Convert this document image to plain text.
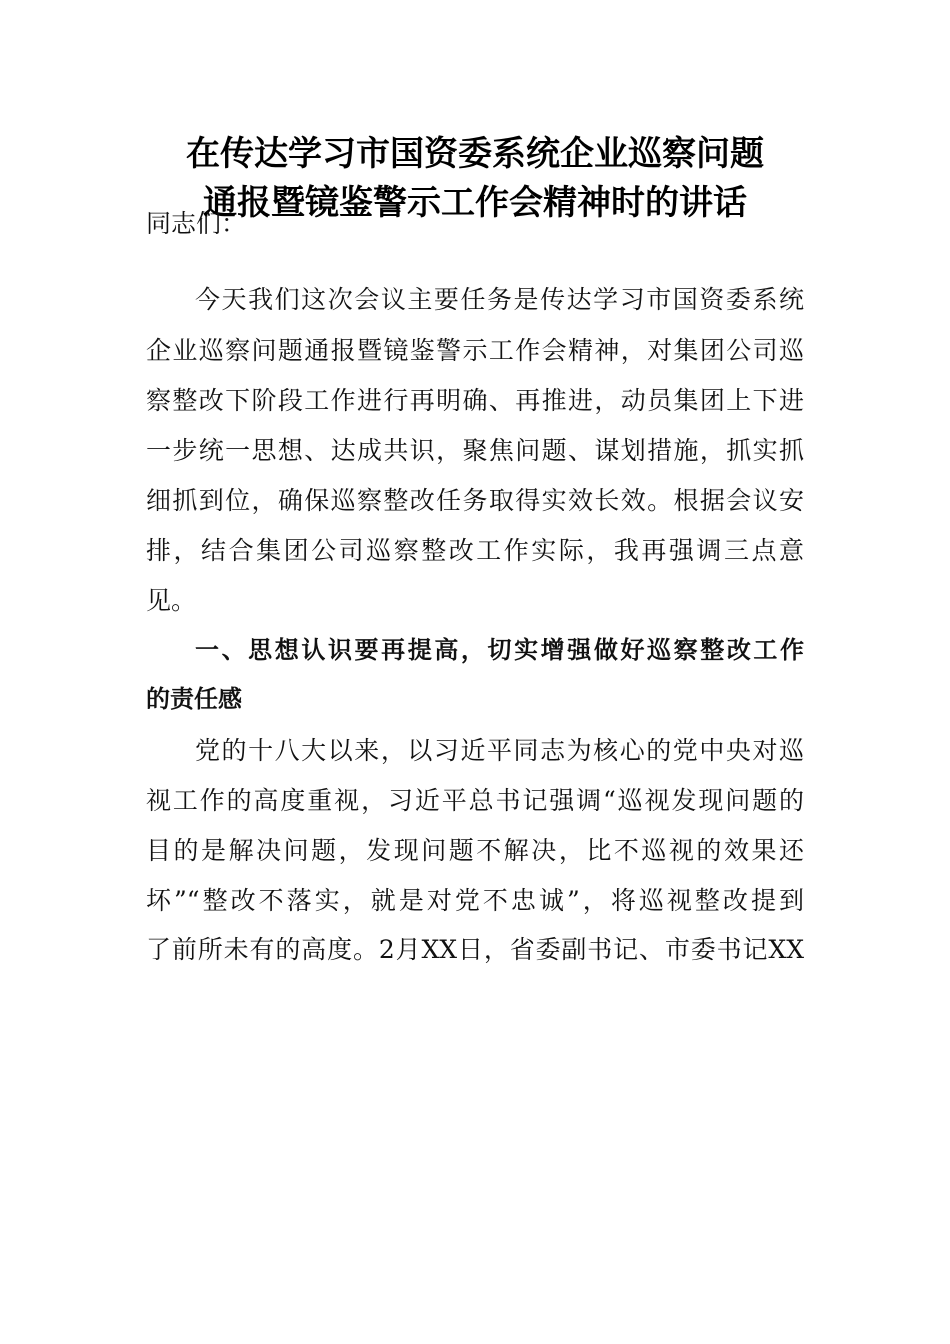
在传达学习市国资委系统企业巡察问题
通报暨镜鉴警示工作会精神时的讲话
同志们：
今天我们这次会议主要任务是传达学习市国资委系统
企业巡察问题通报暨镜鉴警示工作会精神，对集团公司巡
察整改下阶段工作进行再明确、再推进，动员集团上下进
一步统一思想、达成共识，聚焦问题、谋划措施，抓实抓
细抓到位，确保巡察整改任务取得实效长效。根据会议安
排，结合集团公司巡察整改工作实际，我再强调三点意
见。
一、思想认识要再提高，切实增强做好巡察整改工作
的责任感
党的十八大以来，以习近平同志为核心的党中央对巡
视工作的高度重视，习近平总书记强调“巡视发现问题的
目的是解决问题，发现问题不解决，比不巡视的效果还
坏”“整改不落实，就是对党不忠诚”，将巡视整改提到
了前所未有的高度。2月XX日，省委副书记、市委书记XX
